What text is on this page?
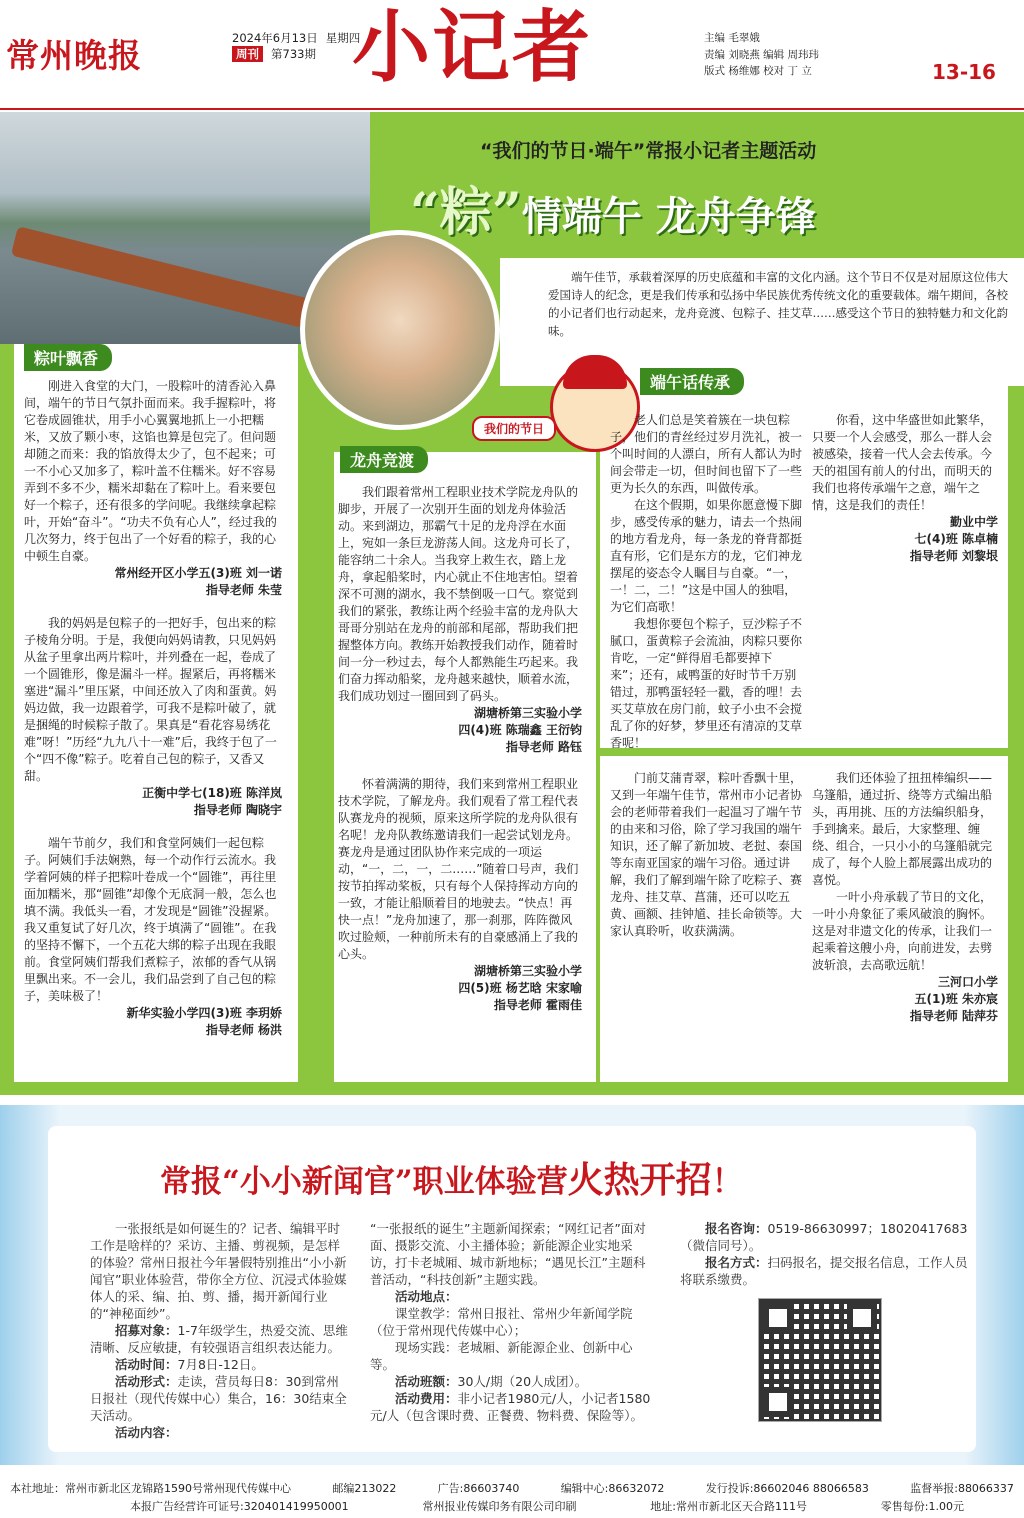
常州晚报	2024年6月13日 星期四
周刊	第733期 小记者	主编 毛翠娥
责编 刘晓燕 编辑 周玮玮
版式 杨维娜 校对 丁 立	13-16
“我们的节日·端午”常报小记者主题活动
“粽”情端午 龙舟争锋
端午佳节，承载着深厚的历史底蕴和丰富的文化内涵。这个节日不仅是对屈原这位伟大爱国诗人的纪念，更是我们传承和弘扬中华民族优秀传统文化的重要载体。端午期间，各校的小记者们也行动起来，龙舟竞渡、包粽子、挂艾草……感受这个节日的独特魅力和文化韵味。
我们的节日
粽叶飘香
龙舟竞渡
端午话传承

刚进入食堂的大门，一股粽叶的清香沁入鼻间，端午的节日气氛扑面而来。我手握粽叶，将它卷成圆锥状，用手小心翼翼地抓上一小把糯米，又放了颗小枣，这馅也算是包完了。但问题却随之而来：我的馅放得太少了，包不起来；可一不小心又加多了，粽叶盖不住糯米。好不容易弄到不多不少，糯米却黏在了粽叶上。看来要包好一个粽子，还有很多的学问呢。我继续拿起粽叶，开始“奋斗”。“功夫不负有心人”，经过我的几次努力，终于包出了一个好看的粽子，我的心中顿生自豪。

常州经开区小学五(3)班 刘一诺
指导老师 朱莹

我的妈妈是包粽子的一把好手，包出来的粽子棱角分明。于是，我便向妈妈请教，只见妈妈从盆子里拿出两片粽叶，并列叠在一起，卷成了一个圆锥形，像是漏斗一样。握紧后，再将糯米塞进“漏斗”里压紧，中间还放入了肉和蛋黄。妈妈边做，我一边跟着学，可我不是粽叶破了，就是捆绳的时候粽子散了。果真是“看花容易绣花难”呀！”历经“九九八十一难”后，我终于包了一个“四不像”粽子。吃着自己包的粽子，又香又甜。

正衡中学七(18)班 陈洋岚
指导老师 陶晓宇

端午节前夕，我们和食堂阿姨们一起包粽子。阿姨们手法娴熟，每一个动作行云流水。我学着阿姨的样子把粽叶卷成一个“圆锥”，再往里面加糯米，那“圆锥”却像个无底洞一般，怎么也填不满。我低头一看，才发现是“圆锥”没握紧。我又重复试了好几次，终于填满了“圆锥”。在我的坚持不懈下，一个五花大绑的粽子出现在我眼前。食堂阿姨们帮我们煮粽子，浓郁的香气从锅里飘出来。不一会儿，我们品尝到了自己包的粽子，美味极了！

新华实验小学四(3)班 李玥娇
指导老师 杨洪

我们跟着常州工程职业技术学院龙舟队的脚步，开展了一次别开生面的划龙舟体验活动。来到湖边，那霸气十足的龙舟浮在水面上，宛如一条巨龙游荡人间。这龙舟可长了，能容纳二十余人。当我穿上救生衣，踏上龙舟，拿起船桨时，内心就止不住地害怕。望着深不可测的湖水，我不禁倒吸一口气。察觉到我们的紧张，教练让两个经验丰富的龙舟队大哥哥分别站在龙舟的前部和尾部，帮助我们把握整体方向。教练开始教授我们动作，随着时间一分一秒过去，每个人都熟能生巧起来。我们奋力挥动船桨，龙舟越来越快，顺着水流，我们成功划过一圈回到了码头。

湖塘桥第三实验小学
四(4)班 陈瑞鑫 王衍钧
指导老师 路钰

怀着满满的期待，我们来到常州工程职业技术学院，了解龙舟。我们观看了常工程代表队赛龙舟的视频，原来这所学院的龙舟队很有名呢！龙舟队教练邀请我们一起尝试划龙舟。赛龙舟是通过团队协作来完成的一项运动，“一，二，一，二……”随着口号声，我们按节拍挥动桨板，只有每个人保持挥动方向的一致，才能让船顺着目的地驶去。“快点！再快一点！”龙舟加速了，那一刹那，阵阵微风吹过脸颊，一种前所未有的自豪感涌上了我的心头。

湖塘桥第三实验小学
四(5)班 杨艺晗 宋家喻
指导老师 霍雨佳

老人们总是笑着簇在一块包粽子，他们的青丝经过岁月洗礼，被一个叫时间的人漂白，所有人都认为时间会带走一切，但时间也留下了一些更为长久的东西，叫做传承。

在这个假期，如果你愿意慢下脚步，感受传承的魅力，请去一个热闹的地方看龙舟，每一条龙的脊背都挺直有形，它们是东方的龙，它们神龙摆尾的姿态令人瞩目与自豪。“一，一！二，二！”这是中国人的独唱，为它们高歌！

我想你要包个粽子，豆沙粽子不腻口，蛋黄粽子会流油，肉粽只要你肯吃，一定“鲜得眉毛都要掉下来”；还有，咸鸭蛋的好时节千万别错过，那鸭蛋轻轻一戳，香的哩！去买艾草放在房门前，蚊子小虫不会搅乱了你的好梦，梦里还有清凉的艾草香呢！

你看，这中华盛世如此繁华，只要一个人会感受，那么一群人会被感染，接着一代人会去传承。今天的祖国有前人的付出，而明天的我们也将传承端午之意，端午之情，这是我们的责任！

勤业中学
七(4)班 陈卓楠
指导老师 刘黎垠

门前艾蒲青翠，粽叶香飘十里，又到一年端午佳节，常州市小记者协会的老师带着我们一起温习了端午节的由来和习俗，除了学习我国的端午知识，还了解了新加坡、老挝、泰国等东南亚国家的端午习俗。通过讲解，我们了解到端午除了吃粽子、赛龙舟、挂艾草、菖蒲，还可以吃五黄、画额、挂钟馗、挂长命锁等。大家认真聆听，收获满满。

我们还体验了扭扭棒编织——乌篷船，通过折、绕等方式编出船头，再用挑、压的方法编织船身，手到擒来。最后，大家整理、缠绕、组合，一只小小的乌篷船就完成了，每个人脸上都展露出成功的喜悦。

一叶小舟承载了节日的文化，一叶小舟象征了乘风破浪的胸怀。这是对非遗文化的传承，让我们一起乘着这艘小舟，向前进发，去劈波斩浪，去高歌远航！

三河口小学
五(1)班 朱亦宸
指导老师 陆萍芬
常报“小小新闻官”职业体验营火热开招！

一张报纸是如何诞生的？记者、编辑平时工作是啥样的？采访、主播、剪视频，是怎样的体验？常州日报社今年暑假特别推出“小小新闻官”职业体验营，带你全方位、沉浸式体验媒体人的采、编、拍、剪、播，揭开新闻行业的“神秘面纱”。

招募对象：1-7年级学生，热爱交流、思维清晰、反应敏捷，有较强语言组织表达能力。

活动时间：7月8日-12日。

活动形式：走读，营员每日8：30到常州日报社（现代传媒中心）集合，16：30结束全天活动。

活动内容：

“一张报纸的诞生”主题新闻探索；“网红记者”面对面、摄影交流、小主播体验；新能源企业实地采访，打卡老城厢、城市新地标；“遇见长江”主题科普活动，“科技创新”主题实践。

活动地点：

课堂教学：常州日报社、常州少年新闻学院（位于常州现代传媒中心）；

现场实践：老城厢、新能源企业、创新中心等。

活动班额：30人/期（20人成团）。

活动费用：非小记者1980元/人，小记者1580元/人（包含课时费、正餐费、物料费、保险等）。

报名咨询：0519-86630997；18020417683（微信同号）。

报名方式：扫码报名，提交报名信息，工作人员将联系缴费。

本社地址：常州市新北区龙锦路1590号常州现代传媒中心	邮编213022	广告:86603740	编辑中心:86632072	发行投诉:86602046 88066583	监督举报:88066337
本报广告经营许可证号:320401419950001	常州报业传媒印务有限公司印刷	地址:常州市新北区天合路111号	零售每份:1.00元
